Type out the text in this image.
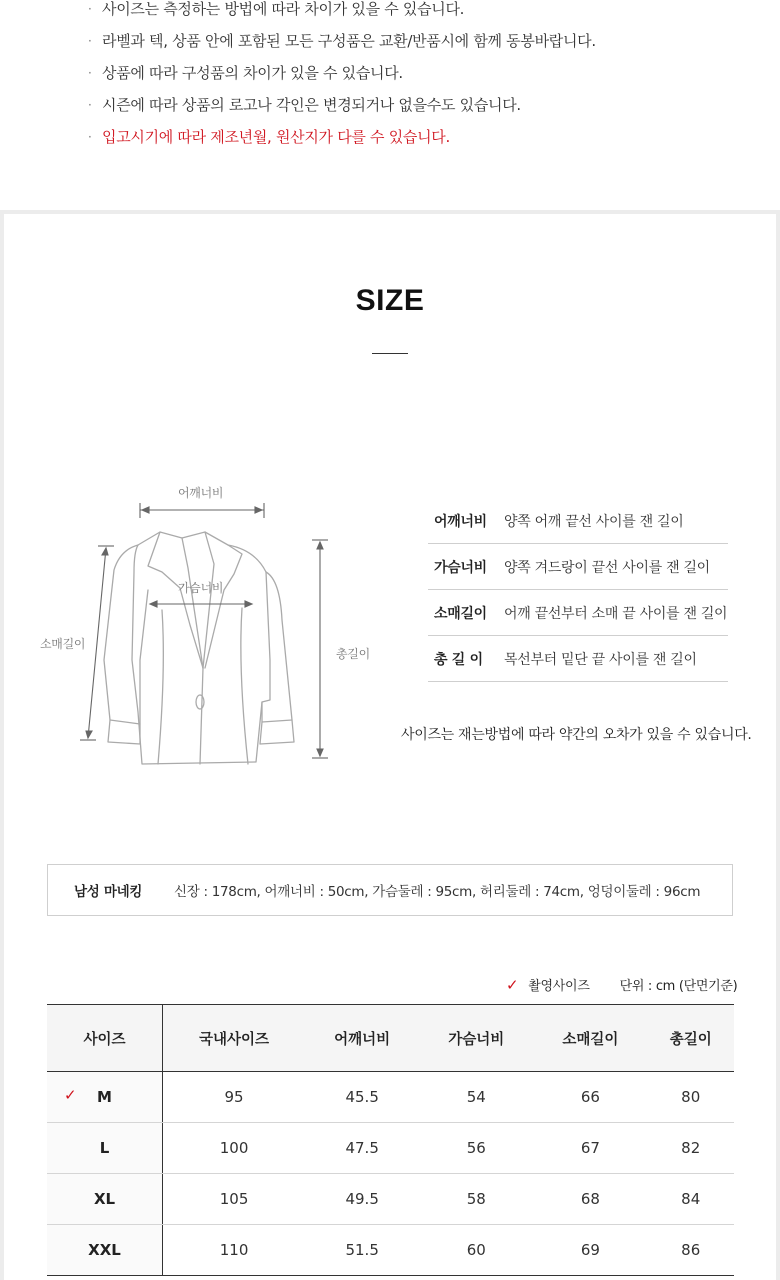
· 사이즈는 측정하는 방법에 따라 차이가 있을 수 있습니다.
· 라벨과 텍, 상품 안에 포함된 모든 구성품은 교환/반품시에 함께 동봉바랍니다.
· 상품에 따라 구성품의 차이가 있을 수 있습니다.
· 시즌에 따라 상품의 로고나 각인은 변경되거나 없을수도 있습니다.
· 입고시기에 따라 제조년월, 원산지가 다를 수 있습니다.
SIZE
어깨너비
가슴너비
소매길이
총길이
어깨너비	양쪽 어깨 끝선 사이를 잰 길이
가슴너비	양쪽 겨드랑이 끝선 사이를 잰 길이
소매길이	어깨 끝선부터 소매 끝 사이를 잰 길이
총 길 이	목선부터 밑단 끝 사이를 잰 길이
사이즈는 재는방법에 따라 약간의 오차가 있을 수 있습니다.
남성 마네킹	신장 : 178cm, 어깨너비 : 50cm, 가슴둘레 : 95cm, 허리둘레 : 74cm, 엉덩이둘레 : 96cm
✓ 촬영사이즈 단위 : cm (단면기준)
사이즈	국내사이즈	어깨너비	가슴너비	소매길이	총길이

✓ M	95	45.5	54	66	80
L	100	47.5	56	67	82
XL	105	49.5	58	68	84
XXL	110	51.5	60	69	86
